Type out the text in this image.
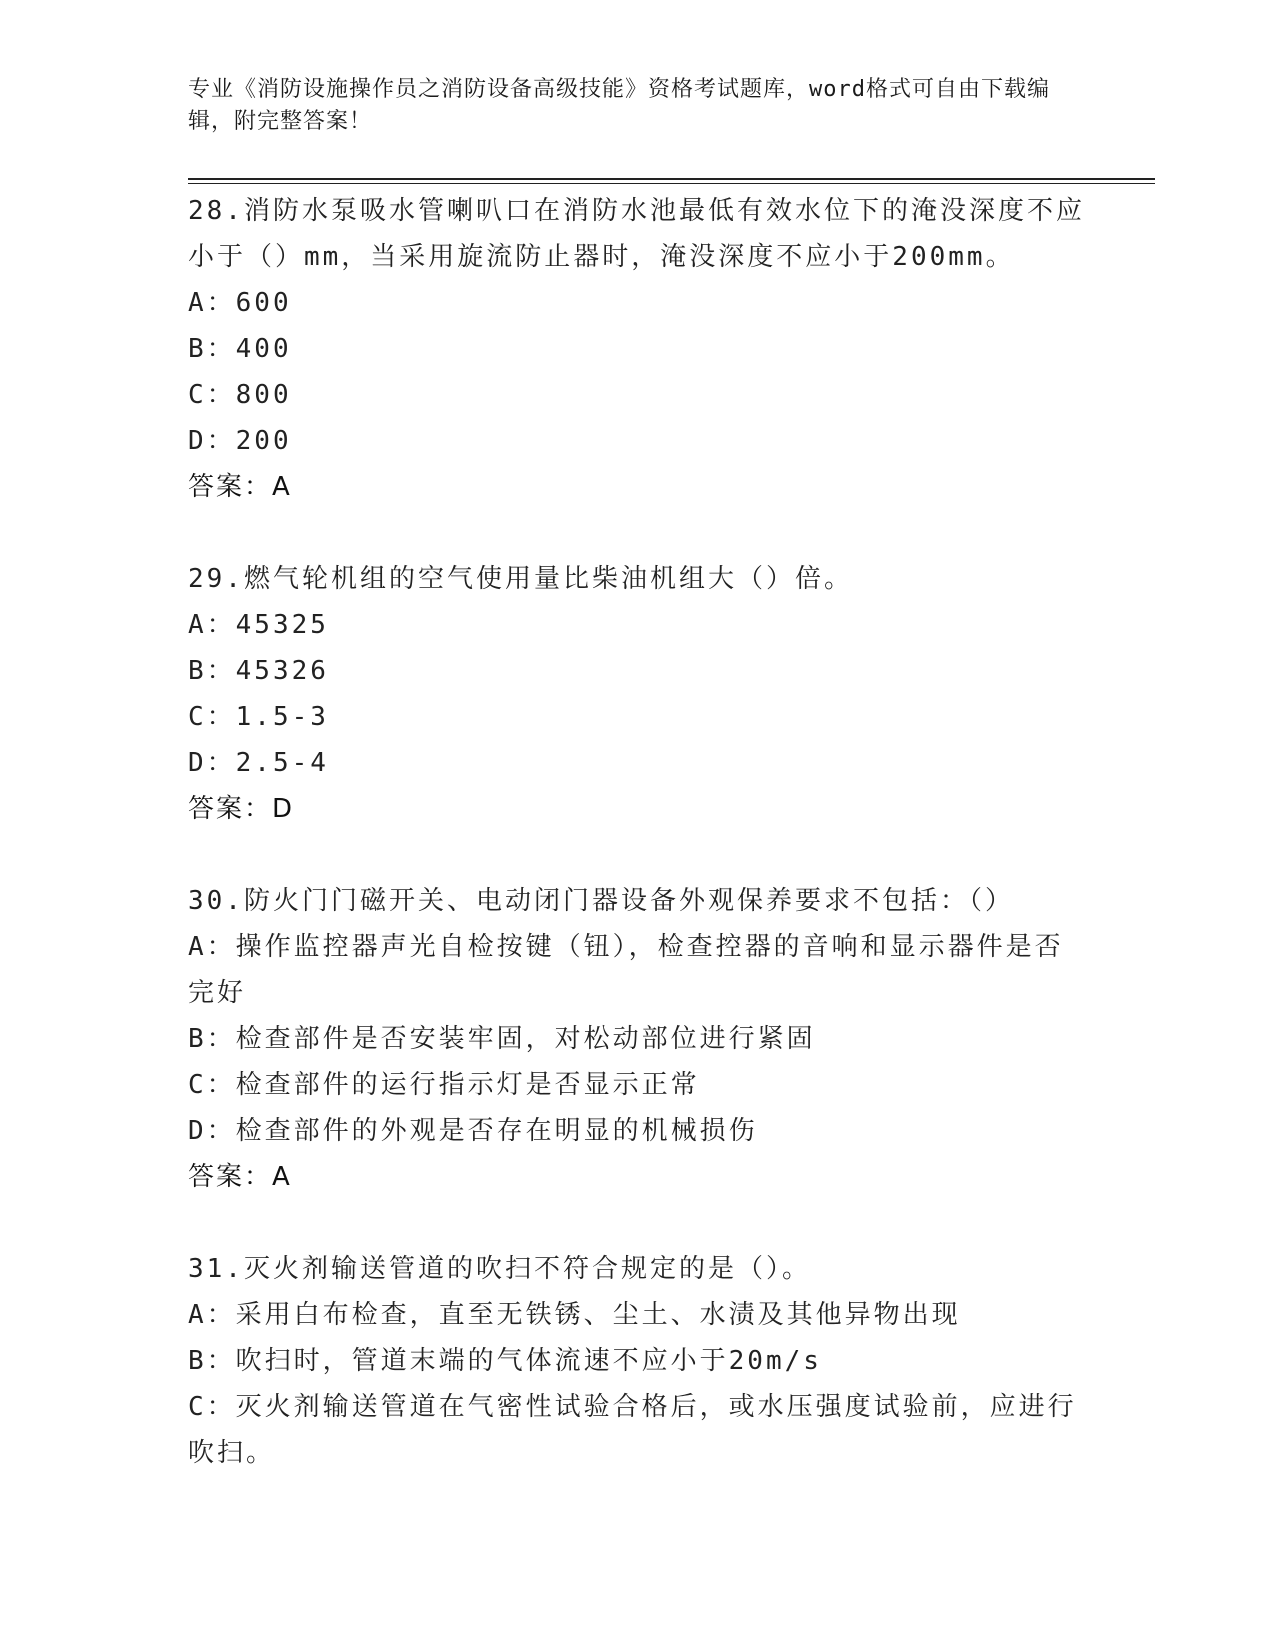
专业《消防设施操作员之消防设备高级技能》资格考试题库，word格式可自由下载编辑，附完整答案！

28.消防水泵吸水管喇叭口在消防水池最低有效水位下的淹没深度不应小于（）mm，当采用旋流防止器时，淹没深度不应小于200mm。

A：600

B：400

C：800

D：200

答案：A

29.燃气轮机组的空气使用量比柴油机组大（）倍。

A：45325

B：45326

C：1.5-3

D：2.5-4

答案：D

30.防火门门磁开关、电动闭门器设备外观保养要求不包括：（）

A：操作监控器声光自检按键（钮），检查控器的音响和显示器件是否完好

B：检查部件是否安装牢固，对松动部位进行紧固

C：检查部件的运行指示灯是否显示正常

D：检查部件的外观是否存在明显的机械损伤

答案：A

31.灭火剂输送管道的吹扫不符合规定的是（）。

A：采用白布检查，直至无铁锈、尘土、水渍及其他异物出现

B：吹扫时，管道末端的气体流速不应小于20m/s

C：灭火剂输送管道在气密性试验合格后，或水压强度试验前，应进行吹扫。
